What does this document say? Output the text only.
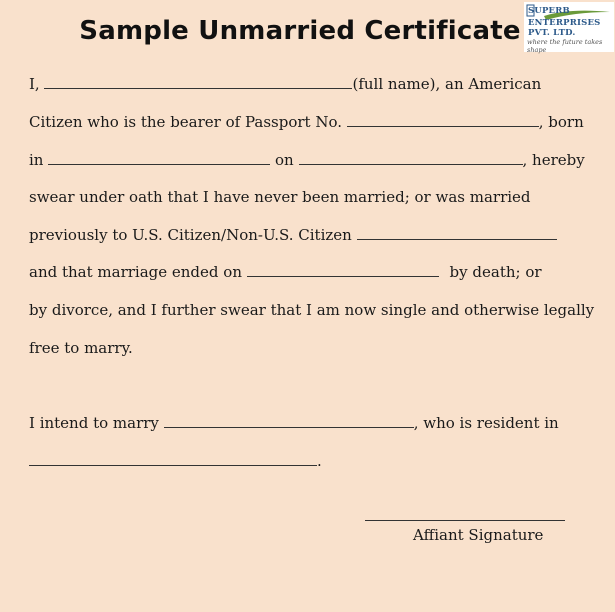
Sample Unmarried Certificate
SUPERB
ENTERPRISES PVT. LTD.
where the future takes shape
I,	(full name), an American
Citizen who is the bearer of Passport No.	, born
in	on	, hereby
swear under oath that I have never been married; or was married
previously to U.S. Citizen/Non-U.S. Citizen
and that marriage ended on	by death; or
by divorce, and I further swear that I am now single and otherwise legally
free to marry.
I intend to marry	, who is resident in
.
Affiant Signature
